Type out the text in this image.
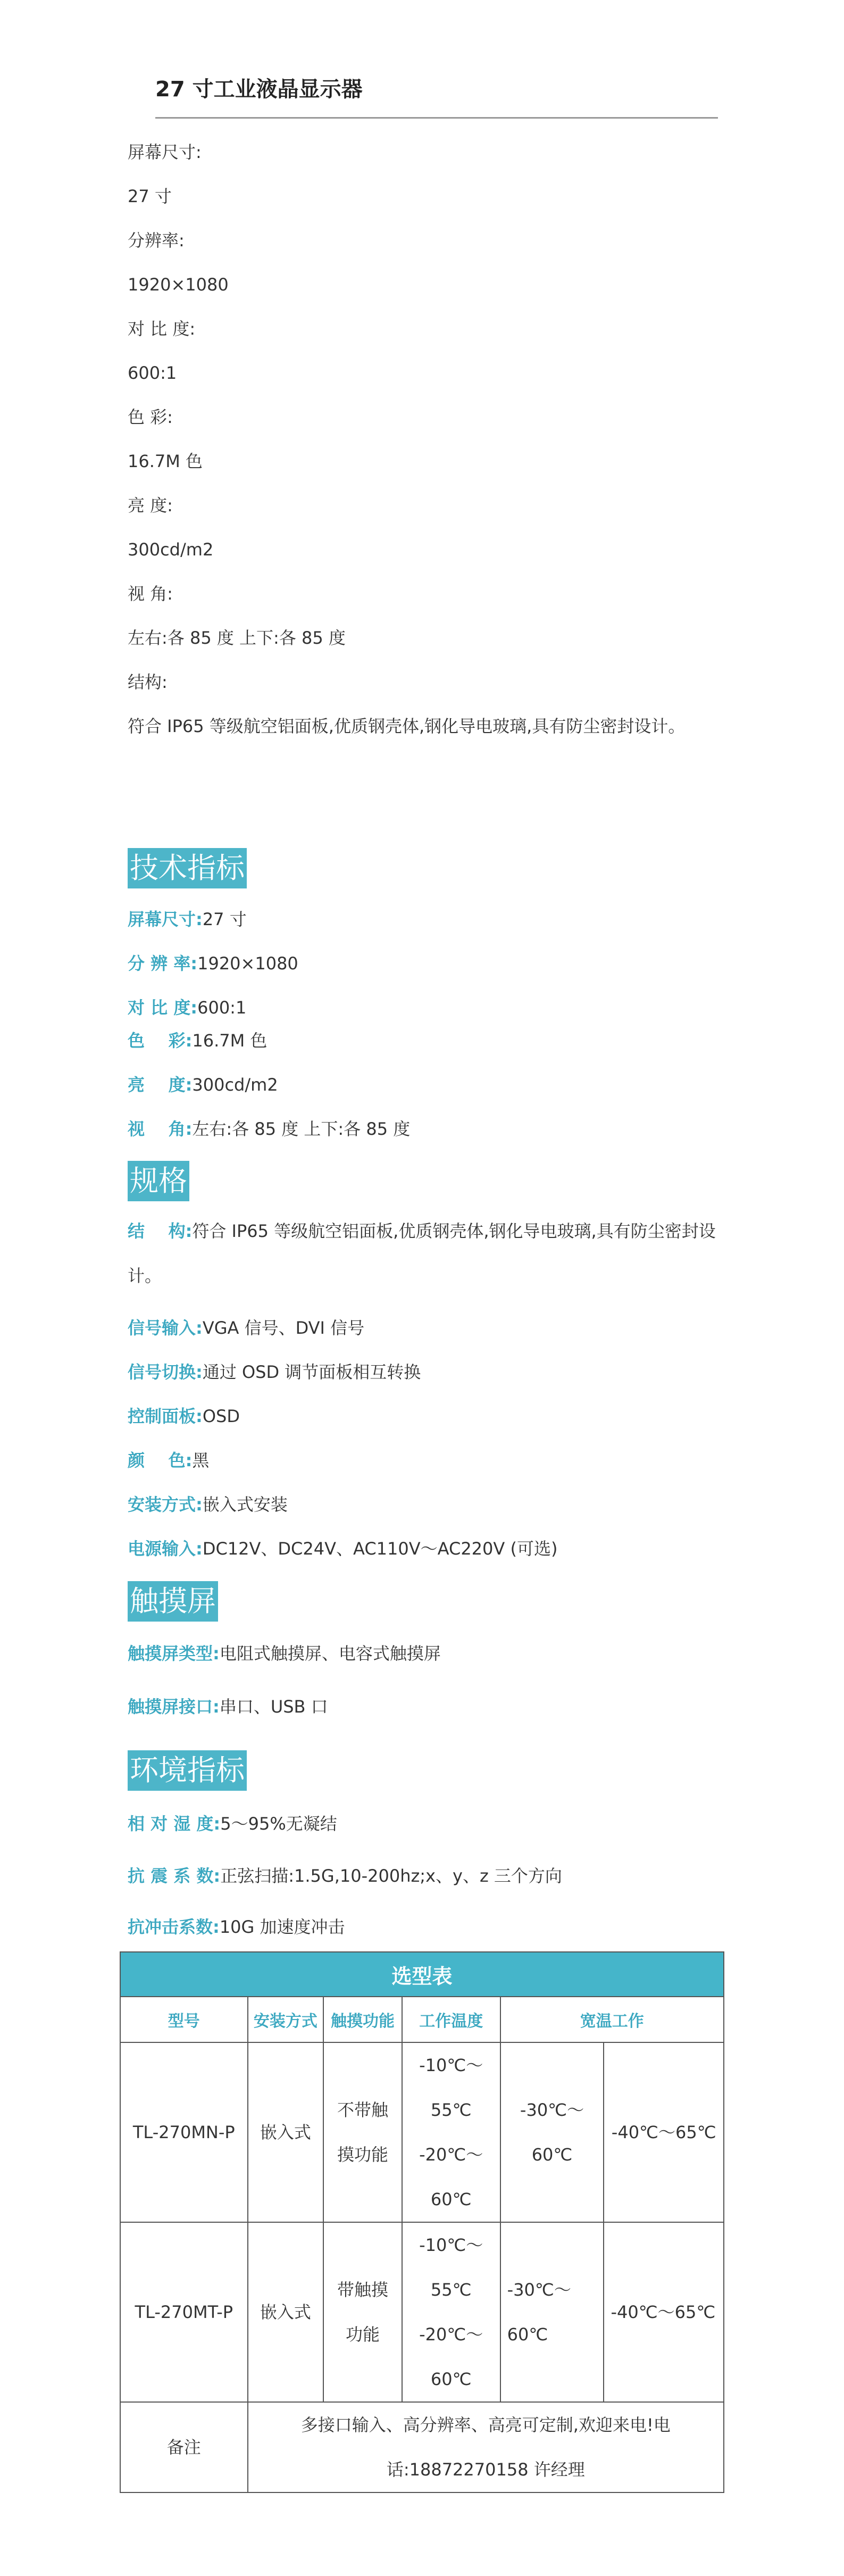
27 寸工业液晶显示器
屏幕尺寸:
27 寸
分辨率:
1920×1080
对 比 度:
600:1
色 彩:
16.7M 色
亮 度:
300cd/m2
视 角:
左右:各 85 度 上下:各 85 度
结构:
符合 IP65 等级航空铝面板,优质钢壳体,钢化导电玻璃,具有防尘密封设计。
技术指标
屏幕尺寸:27 寸
分 辨 率:1920×1080
对 比 度:600:1
色    彩:16.7M 色
亮    度:300cd/m2
视    角:左右:各 85 度 上下:各 85 度
规格
结    构:符合 IP65 等级航空铝面板,优质钢壳体,钢化导电玻璃,具有防尘密封设计。
信号输入:VGA 信号、DVI 信号
信号切换:通过 OSD 调节面板相互转换
控制面板:OSD
颜    色:黑
安装方式:嵌入式安装
电源输入:DC12V、DC24V、AC110V～AC220V (可选)
触摸屏
触摸屏类型:电阻式触摸屏、电容式触摸屏
触摸屏接口:串口、USB 口
环境指标
相 对 湿 度:5～95%无凝结
抗 震 系 数:正弦扫描:1.5G,10-200hz;x、y、z 三个方向
抗冲击系数:10G 加速度冲击
选型表					
型号	安装方式	触摸功能	工作温度	宽温工作	
TL-270MN-P	嵌入式	不带触摸功能	-10℃～55℃ -20℃～60℃	-30℃～60℃	-40℃～65℃
TL-270MT-P	嵌入式	带触摸功能	-10℃～55℃ -20℃～60℃	-30℃～60℃	-40℃～65℃
备注	多接口输入、高分辨率、高亮可定制,欢迎来电!电话:18872270158 许经理				
